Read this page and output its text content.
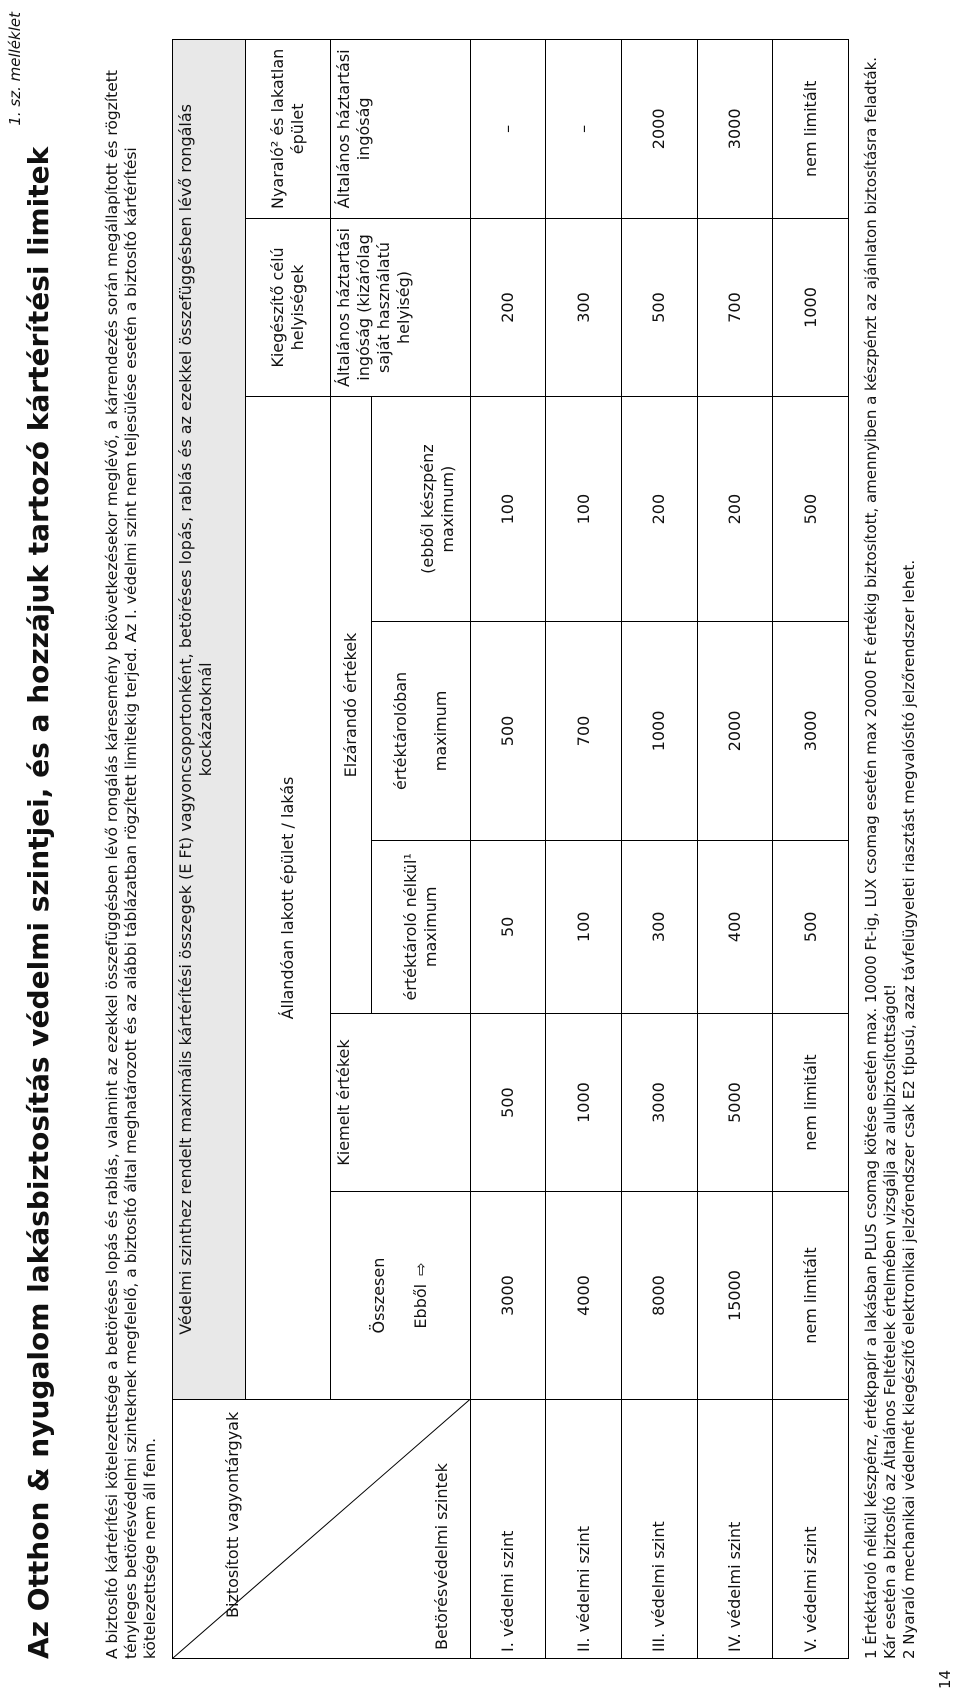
14
1. sz. melléklet
Az Otthon & nyugalom lakásbiztosítás védelmi szintjei, és a hozzájuk tartozó kártérítési limitek	A biztosító kártérítési kötelezettsége a betöréses lopás és rablás, valamint az ezekkel összefüggésben lévő rongálás káresemény bekövetkezésekor meglévő, a kárrendezés során megállapított és rögzített tényleges betörésvédelmi szinteknek megfelelő, a biztosító által meghatározott és az alábbi táblázatban rögzített limitekig terjed. Az I. védelmi szint nem teljesülése esetén a biztosító kártérítési kötelezettsége nem áll fenn.	Biztosított vagyontárgyak Betörésvédelmi szintek	Védelmi szinthez rendelt maximális kártérítési összegek (E Ft) vagyoncsoportonként, betöréses lopás, rablás és az ezekkel összefüggésben lévő rongálás kockázatoknál						
	Állandóan lakott épület / lakás					Kiegészítő célú helyiségek	Nyaraló² és lakatlan épület

	Összesen Ebből⇨	Kiemelt értékek	Elzárandó értékek			Általános háztartási ingóság (kizárólag saját használatú helyiség)	Általános háztartási ingóság
			értéktároló nélkül¹ maximum	értéktárolóban maximum	(ebből készpénz maximum)		
I. védelmi szint	3000	500	50	500	100	200	–
II. védelmi szint	4000	1000	100	700	100	300	–
III. védelmi szint	8000	3000	300	1000	200	500	2000
IV. védelmi szint	15000	5000	400	2000	200	700	3000
V. védelmi szint	nem limitált	nem limitált	500	3000	500	1000	nem limitált	1 Értéktároló nélkül készpénz, értékpapír a lakásban PLUS csomag kötése esetén max. 10000 Ft-ig, LUX csomag esetén max 20000 Ft értékig biztosított, amennyiben a készpénzt az ajánlaton biztosításra feladták. Kár esetén a biztosító az Általános Feltételek értelmében vizsgálja az alulbiztosítottságot! 2 Nyaraló mechanikai védelmét kiegészítő elektronikai jelzőrendszer csak E2 típusú, azaz távfelügyeleti riasztást megvalósító jelzőrendszer lehet.
